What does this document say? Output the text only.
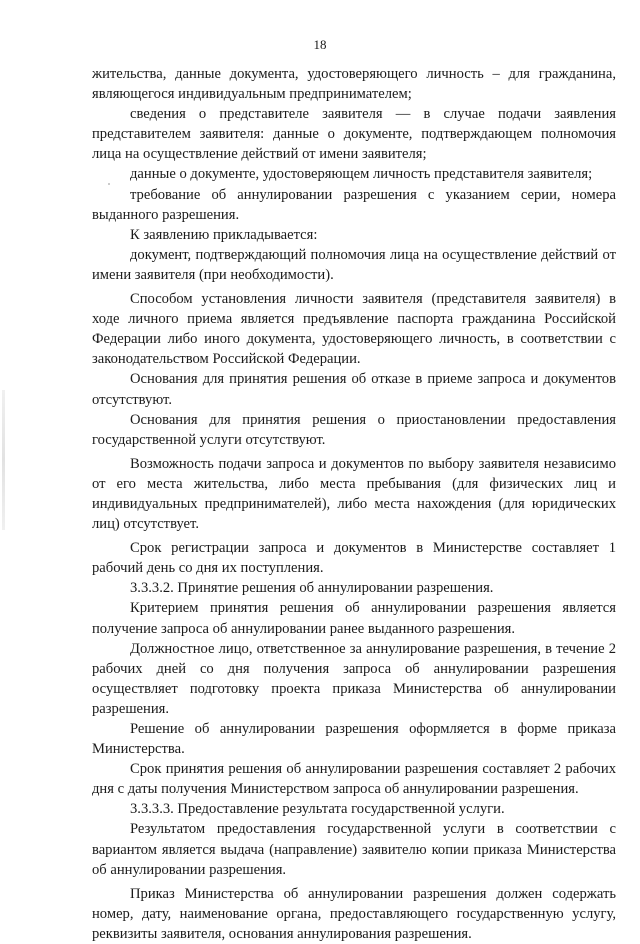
18

жительства, данные документа, удостоверяющего личность – для гражданина, являющегося индивидуальным предпринимателем;

сведения о представителе заявителя — в случае подачи заявления представителем заявителя: данные о документе, подтверждающем полномочия лица на осуществление действий от имени заявителя;

данные о документе, удостоверяющем личность представителя заявителя;

требование об аннулировании разрешения с указанием серии, номера выданного разрешения.

К заявлению прикладывается:

документ, подтверждающий полномочия лица на осуществление действий от имени заявителя (при необходимости).

Способом установления личности заявителя (представителя заявителя) в ходе личного приема является предъявление паспорта гражданина Российской Федерации либо иного документа, удостоверяющего личность, в соответствии с законодательством Российской Федерации.

Основания для принятия решения об отказе в приеме запроса и документов отсутствуют.

Основания для принятия решения о приостановлении предоставления государственной услуги отсутствуют.

Возможность подачи запроса и документов по выбору заявителя независимо от его места жительства, либо места пребывания (для физических лиц и индивидуальных предпринимателей), либо места нахождения (для юридических лиц) отсутствует.

Срок регистрации запроса и документов в Министерстве составляет 1 рабочий день со дня их поступления.

3.3.3.2. Принятие решения об аннулировании разрешения.

Критерием принятия решения об аннулировании разрешения является получение запроса об аннулировании ранее выданного разрешения.

Должностное лицо, ответственное за аннулирование разрешения, в течение 2 рабочих дней со дня получения запроса об аннулировании разрешения осуществляет подготовку проекта приказа Министерства об аннулировании разрешения.

Решение об аннулировании разрешения оформляется в форме приказа Министерства.

Срок принятия решения об аннулировании разрешения составляет 2 рабочих дня с даты получения Министерством запроса об аннулировании разрешения.

3.3.3.3. Предоставление результата государственной услуги.

Результатом предоставления государственной услуги в соответствии с вариантом является выдача (направление) заявителю копии приказа Министерства об аннулировании разрешения.

Приказ Министерства об аннулировании разрешения должен содержать номер, дату, наименование органа, предоставляющего государственную услугу, реквизиты заявителя, основания аннулирования разрешения.
